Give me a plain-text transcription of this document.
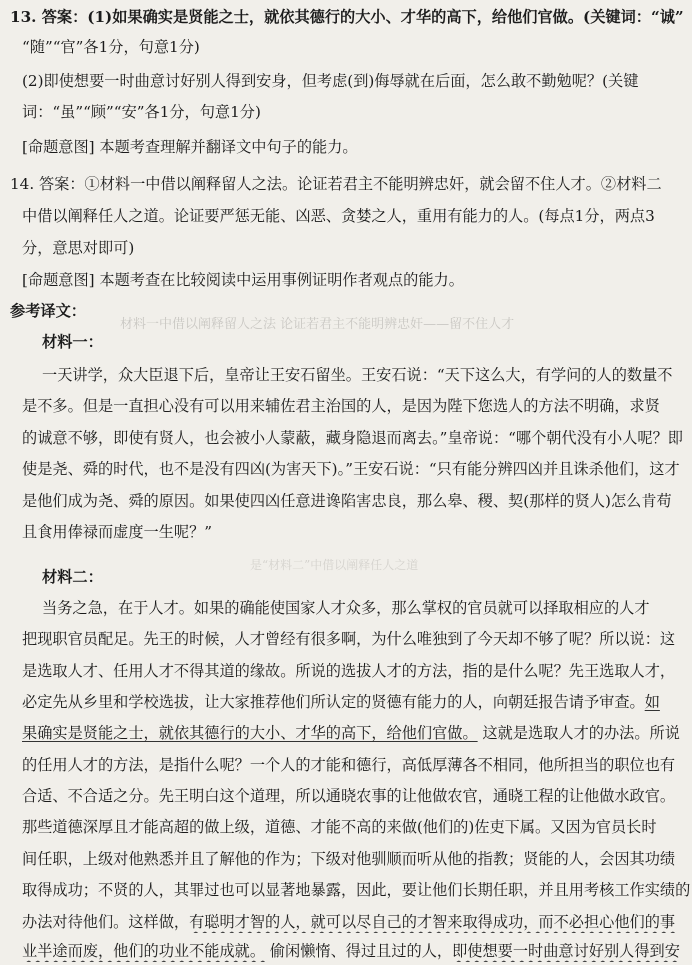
13. 答案：(1)如果确实是贤能之士，就依其德行的大小、才华的高下，给他们官做。(关键词：“诚”
“随”“官”各1分，句意1分)
(2)即使想要一时曲意讨好别人得到安身，但考虑(到)侮辱就在后面，怎么敢不勤勉呢？(关键
词：“虽”“顾”“安”各1分，句意1分)
[命题意图] 本题考查理解并翻译文中句子的能力。
14. 答案：①材料一中借以阐释留人之法。论证若君主不能明辨忠奸，就会留不住人才。②材料二
中借以阐释任人之道。论证要严惩无能、凶恶、贪婪之人，重用有能力的人。(每点1分，两点3
分，意思对即可)
[命题意图] 本题考查在比较阅读中运用事例证明作者观点的能力。
材料一中借以阐释留人之法 论证若君主不能明辨忠奸——留不住人才
是“材料二”中借以阐释任人之道
参考译文：
材料一：
一天讲学，众大臣退下后，皇帝让王安石留坐。王安石说：“天下这么大，有学问的人的数量不
是不多。但是一直担心没有可以用来辅佐君主治国的人，是因为陛下您选人的方法不明确，求贤
的诚意不够，即使有贤人，也会被小人蒙蔽，藏身隐退而离去。”皇帝说：“哪个朝代没有小人呢？即
使是尧、舜的时代，也不是没有四凶(为害天下)。”王安石说：“只有能分辨四凶并且诛杀他们，这才
是他们成为尧、舜的原因。如果使四凶任意进谗陷害忠良，那么皋、稷、契(那样的贤人)怎么肯苟
且食用俸禄而虚度一生呢？”
材料二：
当务之急，在于人才。如果的确能使国家人才众多，那么掌权的官员就可以择取相应的人才
把现职官员配足。先王的时候，人才曾经有很多啊，为什么唯独到了今天却不够了呢？所以说：这
是选取人才、任用人才不得其道的缘故。所说的选拔人才的方法，指的是什么呢？先王选取人才，
必定先从乡里和学校选拔，让大家推荐他们所认定的贤德有能力的人，向朝廷报告请予审查。如
果确实是贤能之士，就依其德行的大小、才华的高下，给他们官做。 这就是选取人才的办法。所说
的任用人才的方法，是指什么呢？一个人的才能和德行，高低厚薄各不相同，他所担当的职位也有
合适、不合适之分。先王明白这个道理，所以通晓农事的让他做农官，通晓工程的让他做水政官。
那些道德深厚且才能高超的做上级，道德、才能不高的来做(他们的)佐吏下属。又因为官员长时
间任职，上级对他熟悉并且了解他的作为；下级对他驯顺而听从他的指教；贤能的人，会因其功绩
取得成功；不贤的人，其罪过也可以显著地暴露，因此，要让他们长期任职，并且用考核工作实绩的
办法对待他们。这样做，有聪明才智的人，就可以尽自己的才智来取得成功，而不必担心他们的事
业半途而废，他们的功业不能成就。 偷闲懒惰、得过且过的人，即使想要一时曲意讨好别人得到安
